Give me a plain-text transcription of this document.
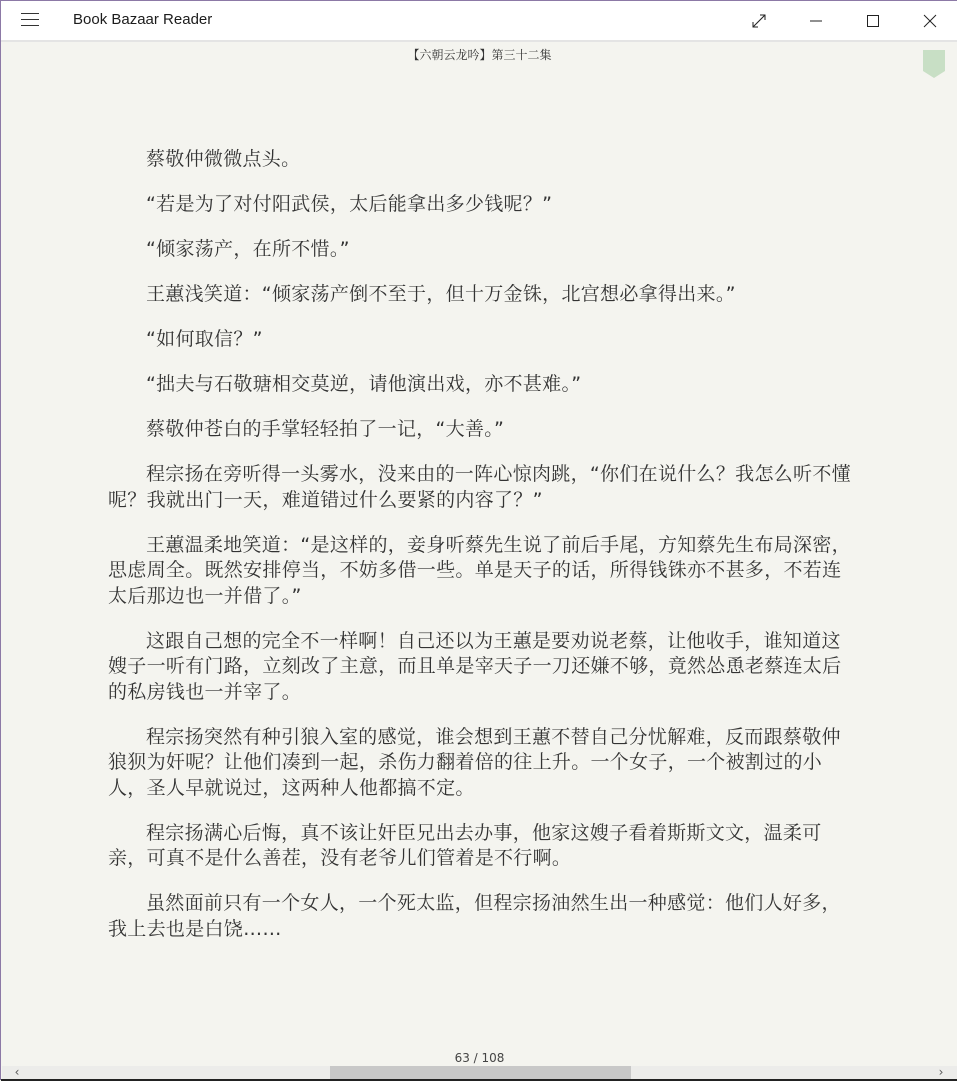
Book Bazaar Reader
【六朝云龙吟】第三十二集

蔡敬仲微微点头。

“若是为了对付阳武侯，太后能拿出多少钱呢？”

“倾家荡产，在所不惜。”

王蕙浅笑道：“倾家荡产倒不至于，但十万金铢，北宫想必拿得出来。”

“如何取信？”

“拙夫与石敬瑭相交莫逆，请他演出戏，亦不甚难。”

蔡敬仲苍白的手掌轻轻拍了一记，“大善。”

程宗扬在旁听得一头雾水，没来由的一阵心惊肉跳，“你们在说什么？我怎么听不懂呢？我就出门一天，难道错过什么要紧的内容了？”

王蕙温柔地笑道：“是这样的，妾身听蔡先生说了前后手尾，方知蔡先生布局深密，思虑周全。既然安排停当，不妨多借一些。单是天子的话，所得钱铢亦不甚多，不若连太后那边也一并借了。”

这跟自己想的完全不一样啊！自己还以为王蕙是要劝说老蔡，让他收手，谁知道这嫂子一听有门路，立刻改了主意，而且单是宰天子一刀还嫌不够，竟然怂恿老蔡连太后的私房钱也一并宰了。

程宗扬突然有种引狼入室的感觉，谁会想到王蕙不替自己分忧解难，反而跟蔡敬仲狼狈为奸呢？让他们凑到一起，杀伤力翻着倍的往上升。一个女子，一个被割过的小人，圣人早就说过，这两种人他都搞不定。

程宗扬满心后悔，真不该让奸臣兄出去办事，他家这嫂子看着斯斯文文，温柔可亲，可真不是什么善茬，没有老爷儿们管着是不行啊。

虽然面前只有一个女人，一个死太监，但程宗扬油然生出一种感觉：他们人好多，我上去也是白饶……

63 / 108
‹	›
